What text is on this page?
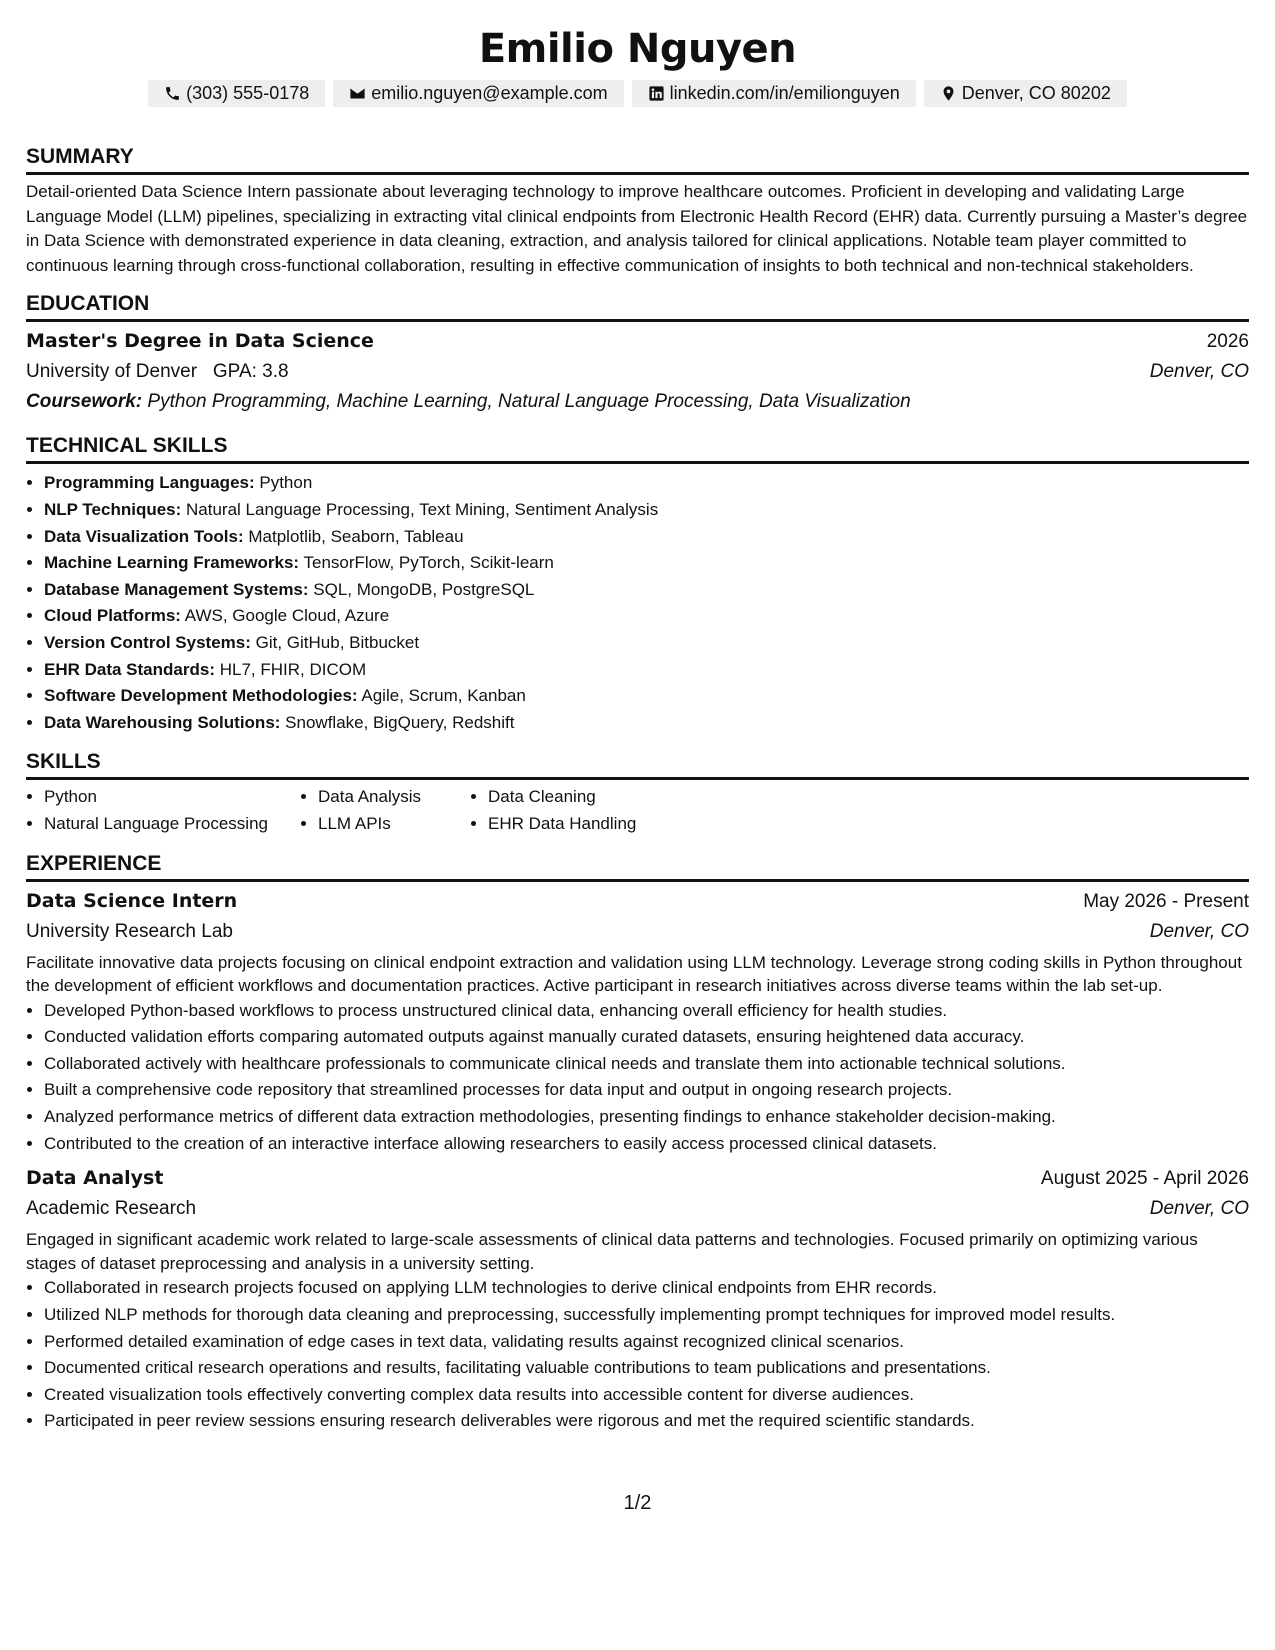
Emilio Nguyen
(303) 555-0178	emilio.nguyen@example.com	linkedin.com/in/emilionguyen	Denver, CO 80202
SUMMARY
Detail-oriented Data Science Intern passionate about leveraging technology to improve healthcare outcomes. Proficient in developing and validating Large Language Model (LLM) pipelines, specializing in extracting vital clinical endpoints from Electronic Health Record (EHR) data. Currently pursuing a Master’s degree in Data Science with demonstrated experience in data cleaning, extraction, and analysis tailored for clinical applications. Notable team player committed to continuous learning through cross-functional collaboration, resulting in effective communication of insights to both technical and non-technical stakeholders.
EDUCATION
Master's Degree in Data Science	2026
University of Denver GPA: 3.8	Denver, CO
Coursework: Python Programming, Machine Learning, Natural Language Processing, Data Visualization
TECHNICAL SKILLS
• Programming Languages: Python
• NLP Techniques: Natural Language Processing, Text Mining, Sentiment Analysis
• Data Visualization Tools: Matplotlib, Seaborn, Tableau
• Machine Learning Frameworks: TensorFlow, PyTorch, Scikit-learn
• Database Management Systems: SQL, MongoDB, PostgreSQL
• Cloud Platforms: AWS, Google Cloud, Azure
• Version Control Systems: Git, GitHub, Bitbucket
• EHR Data Standards: HL7, FHIR, DICOM
• Software Development Methodologies: Agile, Scrum, Kanban
• Data Warehousing Solutions: Snowflake, BigQuery, Redshift
SKILLS
• Python
• Natural Language Processing
• Data Analysis
• LLM APIs
• Data Cleaning
• EHR Data Handling
EXPERIENCE
Data Science Intern	May 2026 - Present
University Research Lab	Denver, CO
Facilitate innovative data projects focusing on clinical endpoint extraction and validation using LLM technology. Leverage strong coding skills in Python throughout the development of efficient workflows and documentation practices. Active participant in research initiatives across diverse teams within the lab set-up.
• Developed Python-based workflows to process unstructured clinical data, enhancing overall efficiency for health studies.
• Conducted validation efforts comparing automated outputs against manually curated datasets, ensuring heightened data accuracy.
• Collaborated actively with healthcare professionals to communicate clinical needs and translate them into actionable technical solutions.
• Built a comprehensive code repository that streamlined processes for data input and output in ongoing research projects.
• Analyzed performance metrics of different data extraction methodologies, presenting findings to enhance stakeholder decision-making.
• Contributed to the creation of an interactive interface allowing researchers to easily access processed clinical datasets.
Data Analyst	August 2025 - April 2026
Academic Research	Denver, CO
Engaged in significant academic work related to large-scale assessments of clinical data patterns and technologies. Focused primarily on optimizing various stages of dataset preprocessing and analysis in a university setting.
• Collaborated in research projects focused on applying LLM technologies to derive clinical endpoints from EHR records.
• Utilized NLP methods for thorough data cleaning and preprocessing, successfully implementing prompt techniques for improved model results.
• Performed detailed examination of edge cases in text data, validating results against recognized clinical scenarios.
• Documented critical research operations and results, facilitating valuable contributions to team publications and presentations.
• Created visualization tools effectively converting complex data results into accessible content for diverse audiences.
• Participated in peer review sessions ensuring research deliverables were rigorous and met the required scientific standards.
1/2
